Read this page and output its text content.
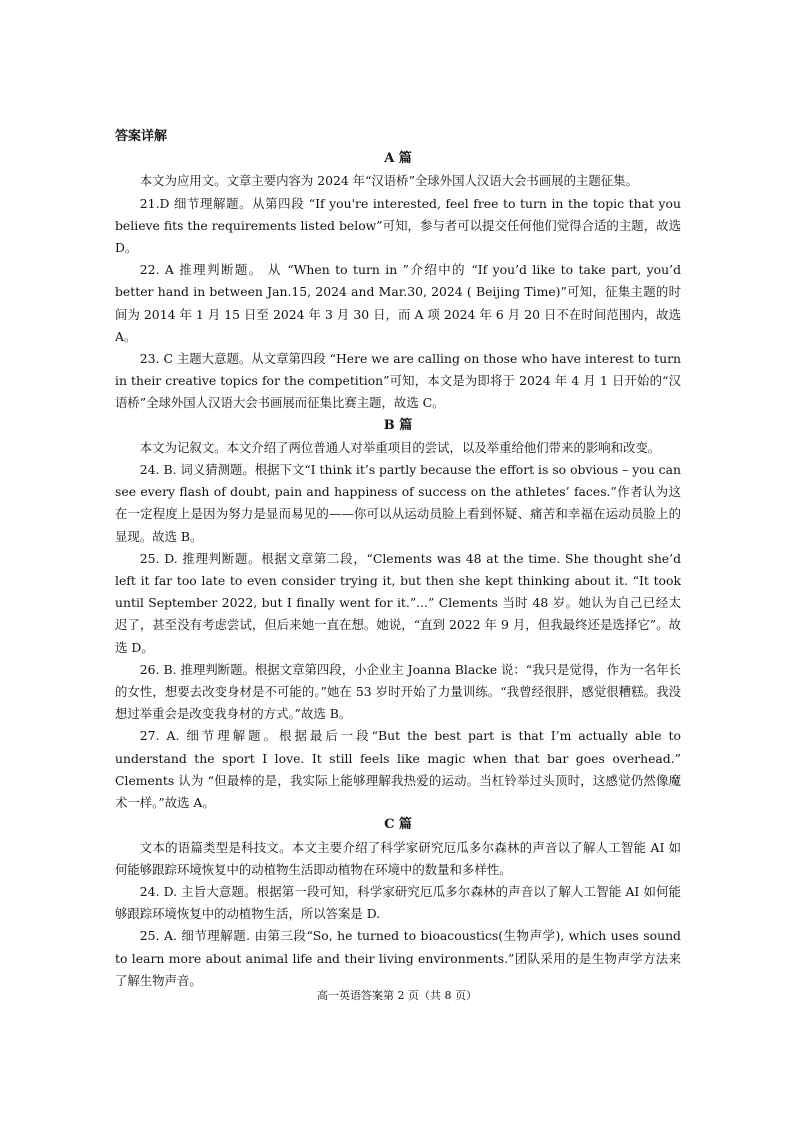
答案详解
A 篇

本文为应用文。文章主要内容为 2024 年“汉语桥”全球外国人汉语大会书画展的主题征集。

21.D 细节理解题。从第四段 “If you're interested, feel free to turn in the topic that you believe fits the requirements listed below”可知，参与者可以提交任何他们觉得合适的主题，故选 D。

22. A 推理判断题。 从 “When to turn in ”介绍中的 “If you’d like to take part, you’d better hand in between Jan.15, 2024 and Mar.30, 2024 ( Beijing Time)”可知，征集主题的时间为 2014 年 1 月 15 日至 2024 年 3 月 30 日，而 A 项 2024 年 6 月 20 日不在时间范围内，故选 A。

23. C 主题大意题。从文章第四段 “Here we are calling on those who have interest to turn in their creative topics for the competition”可知，本文是为即将于 2024 年 4 月 1 日开始的“汉语桥”全球外国人汉语大会书画展而征集比赛主题，故选 C。

B 篇

本文为记叙文。本文介绍了两位普通人对举重项目的尝试，以及举重给他们带来的影响和改变。

24. B. 词义猜测题。根据下文“I think it’s partly because the effort is so obvious – you can see every flash of doubt, pain and happiness of success on the athletes’ faces.”作者认为这在一定程度上是因为努力是显而易见的——你可以从运动员脸上看到怀疑、痛苦和幸福在运动员脸上的显现。故选 B。

25. D. 推理判断题。根据文章第二段，“Clements was 48 at the time. She thought she’d left it far too late to even consider trying it, but then she kept thinking about it. “It took until September 2022, but I finally went for it.”...” Clements 当时 48 岁。她认为自己已经太迟了，甚至没有考虑尝试，但后来她一直在想。她说，“直到 2022 年 9 月，但我最终还是选择它”。故选 D。

26. B. 推理判断题。根据文章第四段，小企业主 Joanna Blacke 说：“我只是觉得，作为一名年长的女性，想要去改变身材是不可能的。”她在 53 岁时开始了力量训练。“我曾经很胖，感觉很糟糕。我没想过举重会是改变我身材的方式。”故选 B。

27. A. 细节理解题。根据最后一段“But the best part is that I’m actually able to understand the sport I love. It still feels like magic when that bar goes overhead.” Clements 认为 “但最棒的是，我实际上能够理解我热爱的运动。当杠铃举过头顶时，这感觉仍然像魔术一样。”故选 A。

C 篇

文本的语篇类型是科技文。本文主要介绍了科学家研究厄瓜多尔森林的声音以了解人工智能 AI 如何能够跟踪环境恢复中的动植物生活即动植物在环境中的数量和多样性。

24. D. 主旨大意题。根据第一段可知，科学家研究厄瓜多尔森林的声音以了解人工智能 AI 如何能够跟踪环境恢复中的动植物生活，所以答案是 D.

25. A. 细节理解题. 由第三段“So, he turned to bioacoustics(生物声学), which uses sound to learn more about animal life and their living environments.”团队采用的是生物声学方法来了解生物声音。

高一英语答案第 2 页（共 8 页）
